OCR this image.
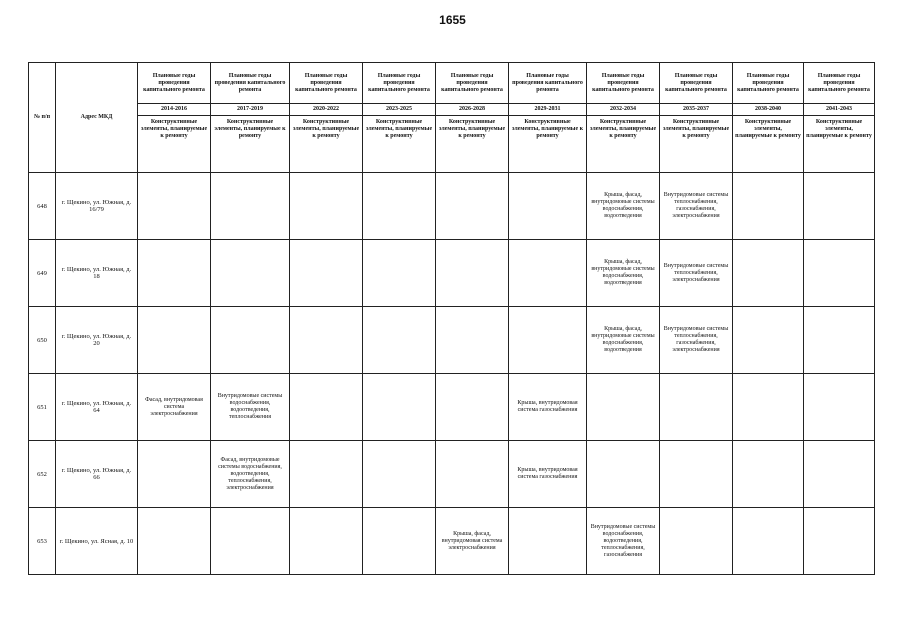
1655
№ п/п	Адрес МКД	Плановые годы проведения капитального ремонта	Плановые годы проведения капитального ремонта	Плановые годы проведения капитального ремонта	Плановые годы проведения капитального ремонта	Плановые годы проведения капитального ремонта	Плановые годы проведения капитального ремонта	Плановые годы проведения капитального ремонта	Плановые годы проведения капитального ремонта	Плановые годы проведения капитального ремонта	Плановые годы проведения капитального ремонта
		2014-2016	2017-2019	2020-2022	2023-2025	2026-2028	2029-2031	2032-2034	2035-2037	2038-2040	2041-2043
		Конструктивные элементы, планируемые к ремонту	Конструктивные элементы, планируемые к ремонту	Конструктивные элементы, планируемые к ремонту	Конструктивные элементы, планируемые к ремонту	Конструктивные элементы, планируемые к ремонту	Конструктивные элементы, планируемые к ремонту	Конструктивные элементы, планируемые к ремонту	Конструктивные элементы, планируемые к ремонту	Конструктивные элементы, планируемые к ремонту	Конструктивные элементы, планируемые к ремонту
648	г. Щекино, ул. Южная, д. 16/79							Крыша, фасад, внутридомовые системы водоснабжения, водоотведения	Внутридомовые системы теплоснабжения, газоснабжения, электроснабжения		
649	г. Щекино, ул. Южная, д. 18							Крыша, фасад, внутридомовые системы водоснабжения, водоотведения	Внутридомовые системы теплоснабжения, электроснабжения		
650	г. Щекино, ул. Южная, д. 20							Крыша, фасад, внутридомовые системы водоснабжения, водоотведения	Внутридомовые системы теплоснабжения, газоснабжения, электроснабжения		
651	г. Щекино, ул. Южная, д. 64	Фасад, внутридомовая система электроснабжения	Внутридомовые системы водоснабжения, водоотведения, теплоснабжения				Крыша, внутридомовая система газоснабжения				
652	г. Щекино, ул. Южная, д. 66		Фасад, внутридомовые системы водоснабжения, водоотведения, теплоснабжения, электроснабжения				Крыша, внутридомовая система газоснабжения				
653	г. Щекино, ул. Ясная, д. 10					Крыша, фасад, внутридомовая система электроснабжения		Внутридомовые системы водоснабжения, водоотведения, теплоснабжения, газоснабжения			
